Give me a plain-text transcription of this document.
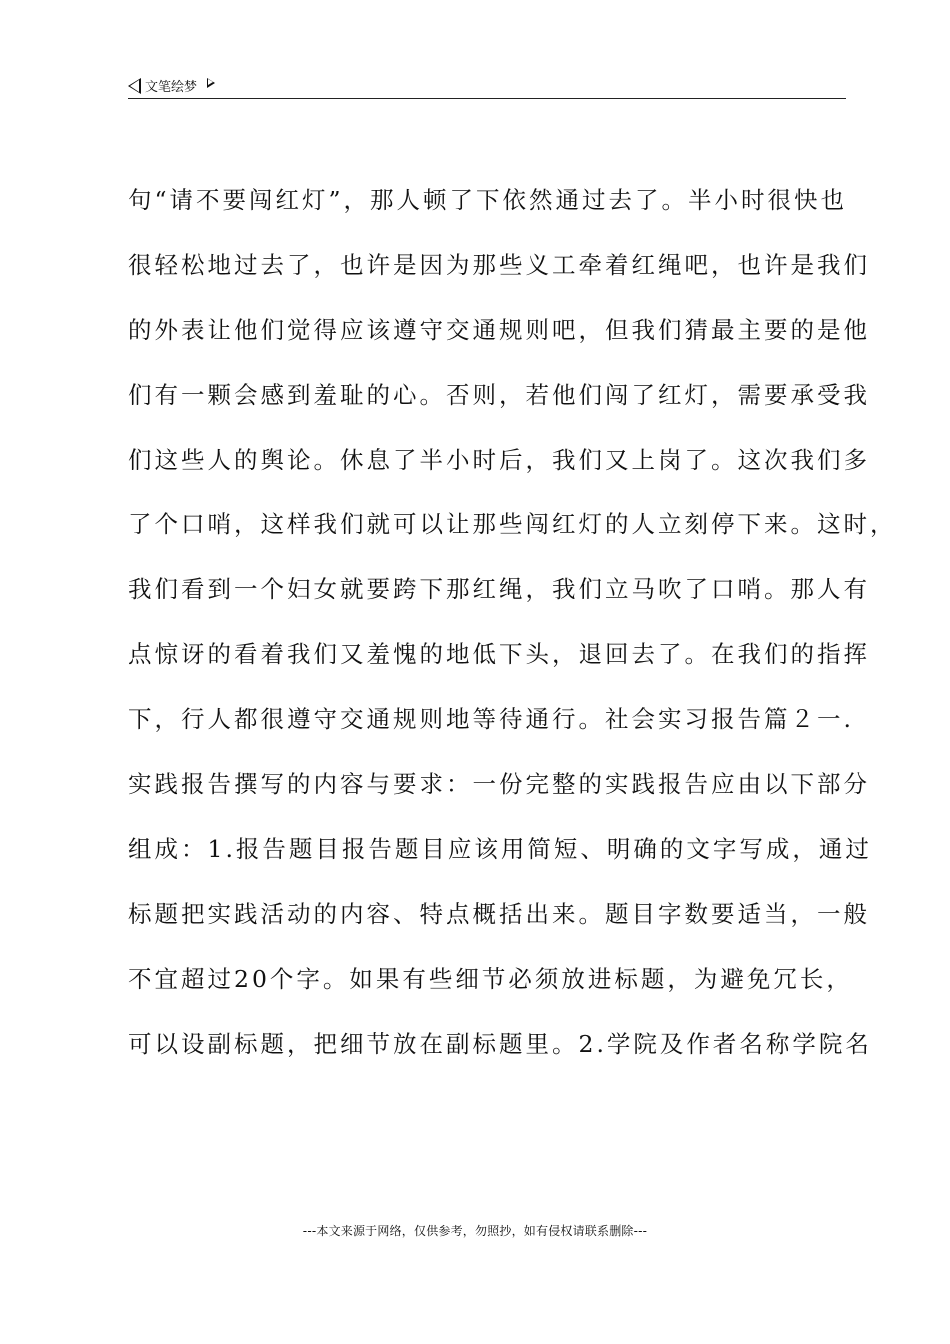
文笔绘梦
句“请不要闯红灯”，那人顿了下依然通过去了。半小时很快也
很轻松地过去了，也许是因为那些义工牵着红绳吧，也许是我们
的外表让他们觉得应该遵守交通规则吧，但我们猜最主要的是他
们有一颗会感到羞耻的心。否则，若他们闯了红灯，需要承受我
们这些人的舆论。休息了半小时后，我们又上岗了。这次我们多
了个口哨，这样我们就可以让那些闯红灯的人立刻停下来。这时，
我们看到一个妇女就要跨下那红绳，我们立马吹了口哨。那人有
点惊讶的看着我们又羞愧的地低下头，退回去了。在我们的指挥
下，行人都很遵守交通规则地等待通行。社会实习报告篇２一.
实践报告撰写的内容与要求：一份完整的实践报告应由以下部分
组成：1.报告题目报告题目应该用简短、明确的文字写成，通过
标题把实践活动的内容、特点概括出来。题目字数要适当，一般
不宜超过20个字。如果有些细节必须放进标题，为避免冗长，
可以设副标题，把细节放在副标题里。2.学院及作者名称学院名
---本文来源于网络，仅供参考，勿照抄，如有侵权请联系删除---
